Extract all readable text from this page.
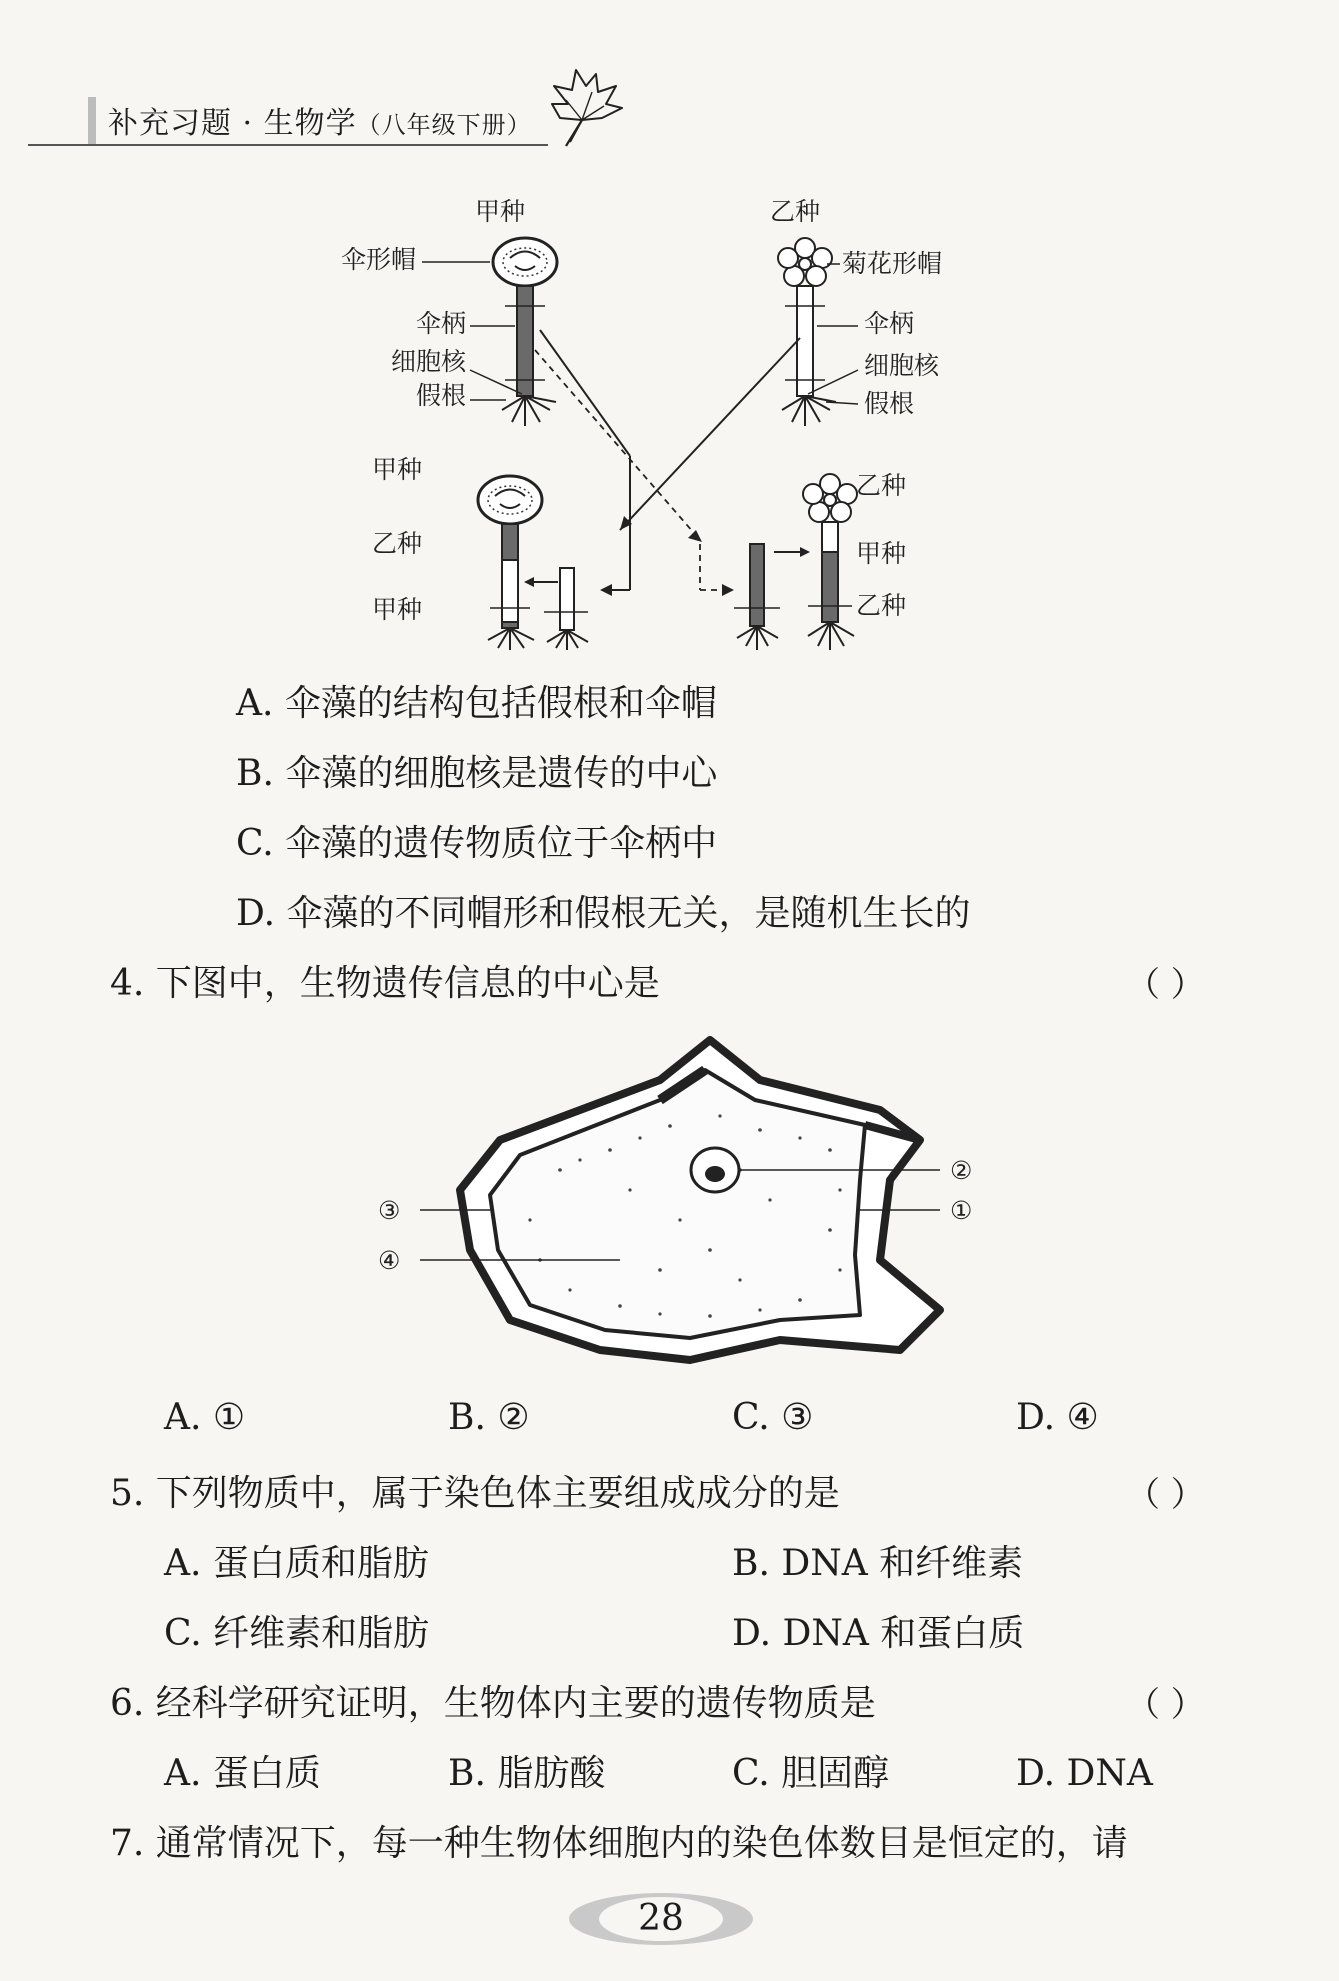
补充习题 · 生物学（八年级下册）
甲种
伞形帽
伞柄
细胞核
假根
乙种
菊花形帽
伞柄
细胞核
假根
甲种
乙种
甲种
乙种
甲种
乙种
A. 伞藻的结构包括假根和伞帽
B. 伞藻的细胞核是遗传的中心
C. 伞藻的遗传物质位于伞柄中
D. 伞藻的不同帽形和假根无关，是随机生长的
4. 下图中，生物遗传信息的中心是	（ ）
②
①
③
④
A. ①	B. ②	C. ③	D. ④
5. 下列物质中，属于染色体主要组成成分的是	（ ）
A. 蛋白质和脂肪	B. DNA 和纤维素
C. 纤维素和脂肪	D. DNA 和蛋白质
6. 经科学研究证明，生物体内主要的遗传物质是	（ ）
A. 蛋白质	B. 脂肪酸	C. 胆固醇	D. DNA
7. 通常情况下，每一种生物体细胞内的染色体数目是恒定的，请
28
